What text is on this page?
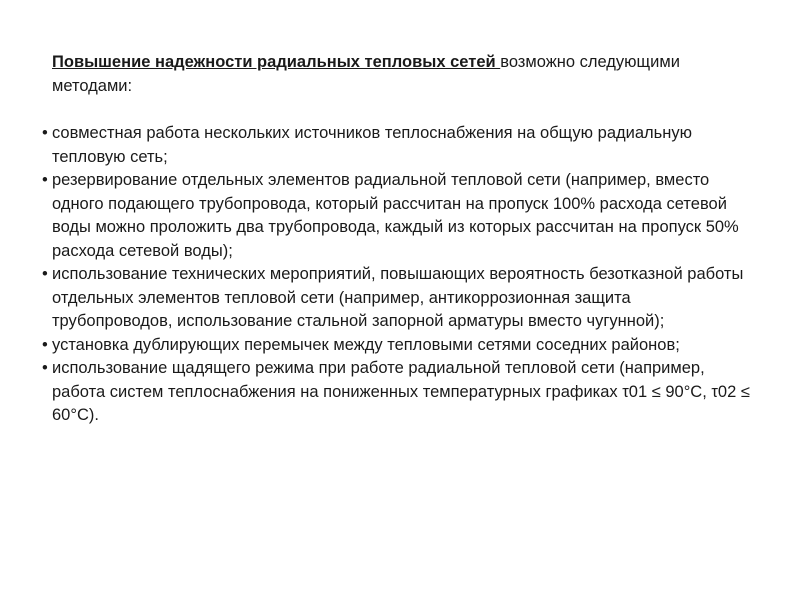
Повышение надежности радиальных тепловых сетей возможно следующими методами:

• совместная работа нескольких источников теплоснабжения на общую радиальную тепловую сеть;
• резервирование отдельных элементов радиальной тепловой сети (например, вместо одного подающего трубопровода, который рассчитан на пропуск 100% расхода сетевой воды можно проложить два трубопровода, каждый из которых рассчитан на пропуск 50% расхода сетевой воды);
• использование технических мероприятий, повышающих вероятность безотказной работы отдельных элементов тепловой сети (например, антикоррозионная защита трубопроводов, использование стальной запорной арматуры вместо чугунной);
• установка дублирующих перемычек между тепловыми сетями соседних районов;
• использование щадящего режима при работе радиальной тепловой сети (например, работа систем теплоснабжения на пониженных температурных графиках τ01 ≤ 90°С, τ02 ≤ 60°С).
